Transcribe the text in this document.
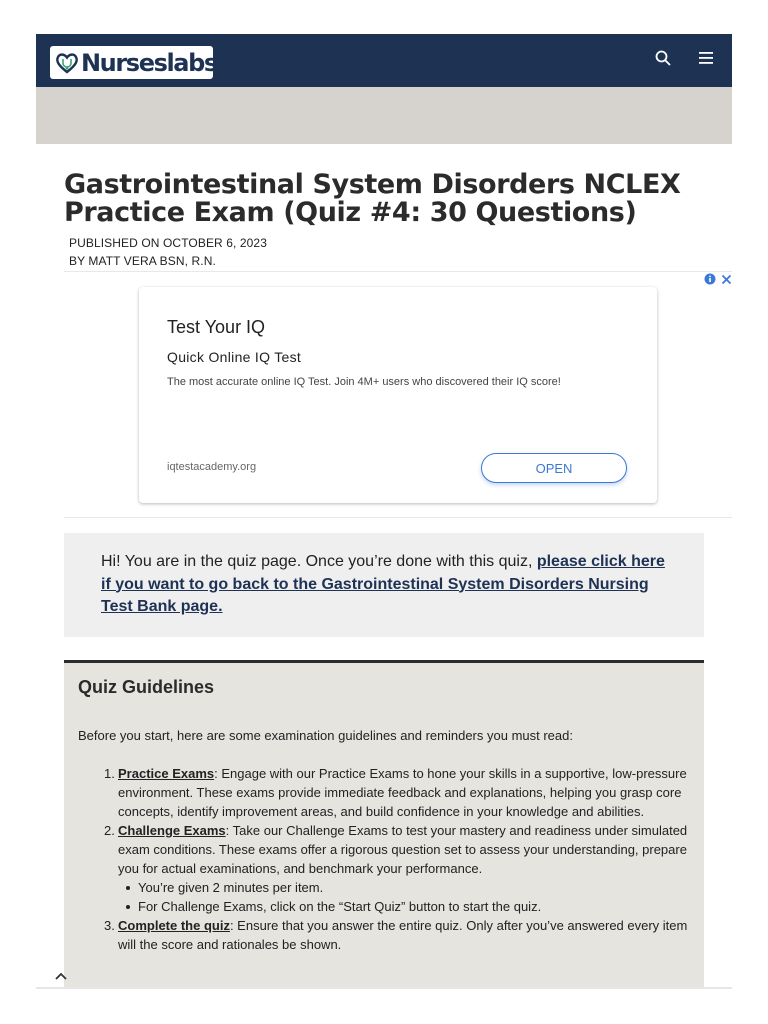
Nurseslabs
Gastrointestinal System Disorders NCLEX Practice Exam (Quiz #4: 30 Questions)
PUBLISHED ON OCTOBER 6, 2023
BY MATT VERA BSN, R.N.
Test Your IQ
Quick Online IQ Test
The most accurate online IQ Test. Join 4M+ users who discovered their IQ score!
iqtestacademy.org	OPEN
Hi! You are in the quiz page. Once you’re done with this quiz, please click here if you want to go back to the Gastrointestinal System Disorders Nursing Test Bank page.
Quiz Guidelines
Before you start, here are some examination guidelines and reminders you must read:
1. Practice Exams: Engage with our Practice Exams to hone your skills in a supportive, low-pressure environment. These exams provide immediate feedback and explanations, helping you grasp core concepts, identify improvement areas, and build confidence in your knowledge and abilities.
2. Challenge Exams: Take our Challenge Exams to test your mastery and readiness under simulated exam conditions. These exams offer a rigorous question set to assess your understanding, prepare you for actual examinations, and benchmark your performance.
You’re given 2 minutes per item.
For Challenge Exams, click on the “Start Quiz” button to start the quiz.
3. Complete the quiz: Ensure that you answer the entire quiz. Only after you’ve answered every item will the score and rationales be shown.
